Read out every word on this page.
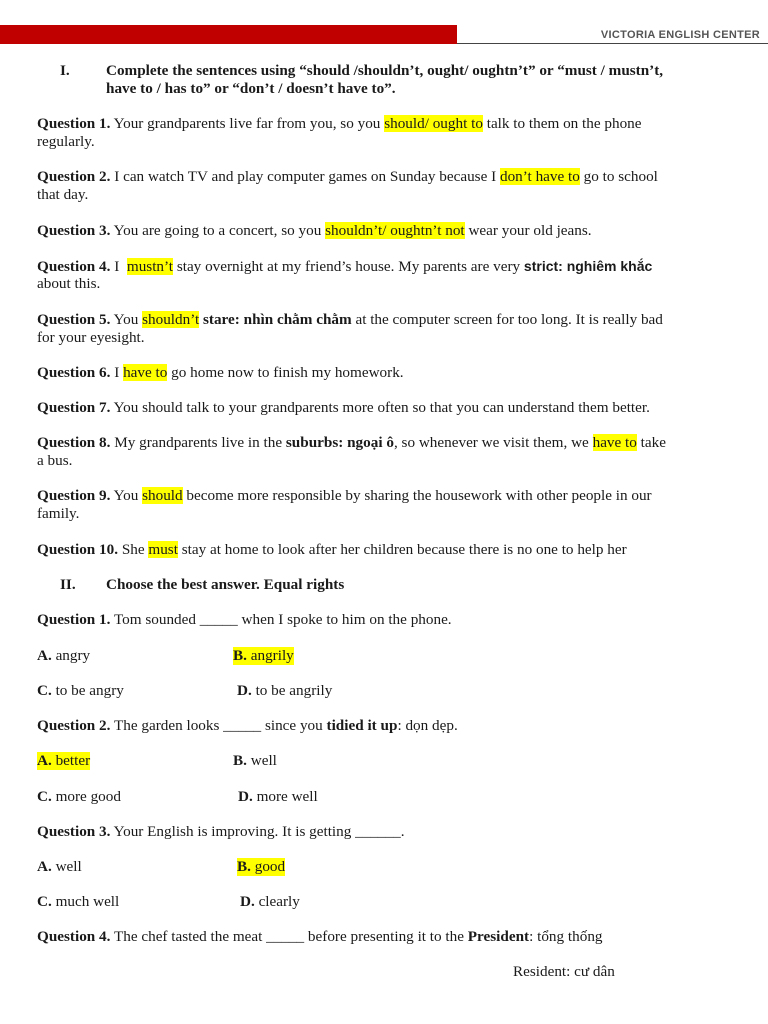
VICTORIA ENGLISH CENTER
I. Complete the sentences using “should /shouldn’t, ought/ oughtn’t” or “must / mustn’t,
have to / has to” or “don’t / doesn’t have to”.
Question 1. Your grandparents live far from you, so you should/ ought to talk to them on the phone
regularly.
Question 2. I can watch TV and play computer games on Sunday because I don’t have to go to school
that day.
Question 3. You are going to a concert, so you shouldn’t/ oughtn’t not wear your old jeans.
Question 4. I  mustn’t stay overnight at my friend’s house. My parents are very strict: nghiêm khắc
about this.
Question 5. You shouldn’t stare: nhìn chằm chằm at the computer screen for too long. It is really bad
for your eyesight.
Question 6. I have to go home now to finish my homework.
Question 7. You should talk to your grandparents more often so that you can understand them better.
Question 8. My grandparents live in the suburbs: ngoại ô, so whenever we visit them, we have to take
a bus.
Question 9. You should become more responsible by sharing the housework with other people in our
family.
Question 10. She must stay at home to look after her children because there is no one to help her
II. Choose the best answer. Equal rights
Question 1. Tom sounded _____ when I spoke to him on the phone.
A. angry	B. angrily
C. to be angry	D. to be angrily
Question 2. The garden looks _____ since you tidied it up: dọn dẹp.
A. better	B. well
C. more good	D. more well
Question 3. Your English is improving. It is getting ______.
A. well	B. good
C. much well	D. clearly
Question 4. The chef tasted the meat _____ before presenting it to the President: tổng thống
Resident: cư dân
